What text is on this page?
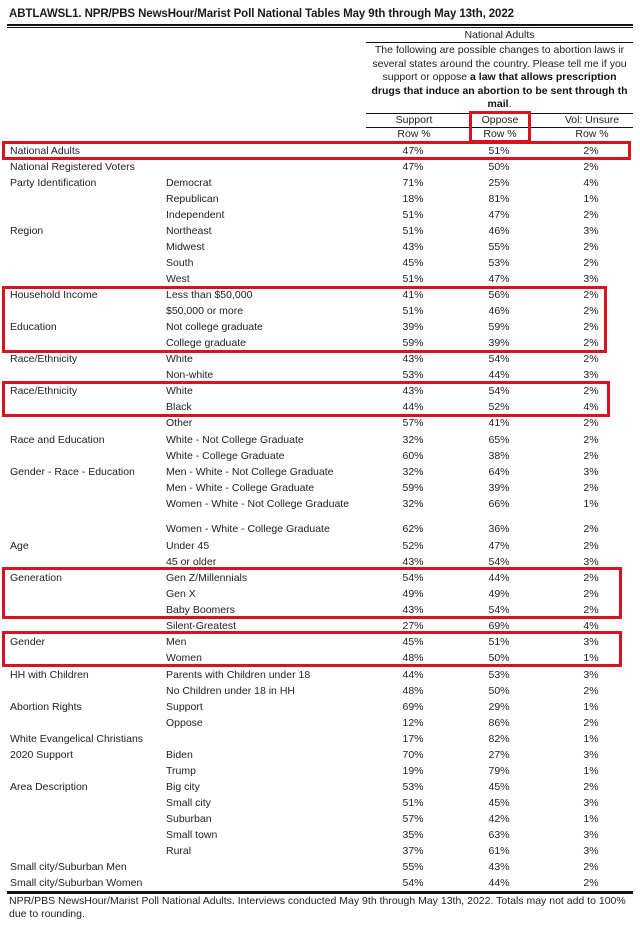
ABTLAWSL1. NPR/PBS NewsHour/Marist Poll National Tables May 9th through May 13th, 2022
National Adults
The following are possible changes to abortion laws ir
several states around the country. Please tell me if you
support or oppose a law that allows prescription
drugs that induce an abortion to be sent through th
mail.
Support	Oppose	Vol: Unsure
Row %	Row %	Row %
National Adults	47%	51%	2%
National Registered Voters	47%	50%	2%
Party Identification	Democrat	71%	25%	4%
Republican	18%	81%	1%
Independent	51%	47%	2%
Region	Northeast	51%	46%	3%
Midwest	43%	55%	2%
South	45%	53%	2%
West	51%	47%	3%
Household Income	Less than $50,000	41%	56%	2%
$50,000 or more	51%	46%	2%
Education	Not college graduate	39%	59%	2%
College graduate	59%	39%	2%
Race/Ethnicity	White	43%	54%	2%
Non-white	53%	44%	3%
Race/Ethnicity	White	43%	54%	2%
Black	44%	52%	4%
Other	57%	41%	2%
Race and Education	White - Not College Graduate	32%	65%	2%
White - College Graduate	60%	38%	2%
Gender - Race - Education	Men - White - Not College Graduate	32%	64%	3%
Men - White - College Graduate	59%	39%	2%
Women - White - Not College Graduate	32%	66%	1%
Women - White - College Graduate	62%	36%	2%
Age	Under 45	52%	47%	2%
45 or older	43%	54%	3%
Generation	Gen Z/Millennials	54%	44%	2%
Gen X	49%	49%	2%
Baby Boomers	43%	54%	2%
Silent-Greatest	27%	69%	4%
Gender	Men	45%	51%	3%
Women	48%	50%	1%
HH with Children	Parents with Children under 18	44%	53%	3%
No Children under 18 in HH	48%	50%	2%
Abortion Rights	Support	69%	29%	1%
Oppose	12%	86%	2%
White Evangelical Christians	17%	82%	1%
2020 Support	Biden	70%	27%	3%
Trump	19%	79%	1%
Area Description	Big city	53%	45%	2%
Small city	51%	45%	3%
Suburban	57%	42%	1%
Small town	35%	63%	3%
Rural	37%	61%	3%
Small city/Suburban Men	55%	43%	2%
Small city/Suburban Women	54%	44%	2%
NPR/PBS NewsHour/Marist Poll National Adults. Interviews conducted May 9th through May 13th, 2022. Totals may not add to 100% due to rounding.
